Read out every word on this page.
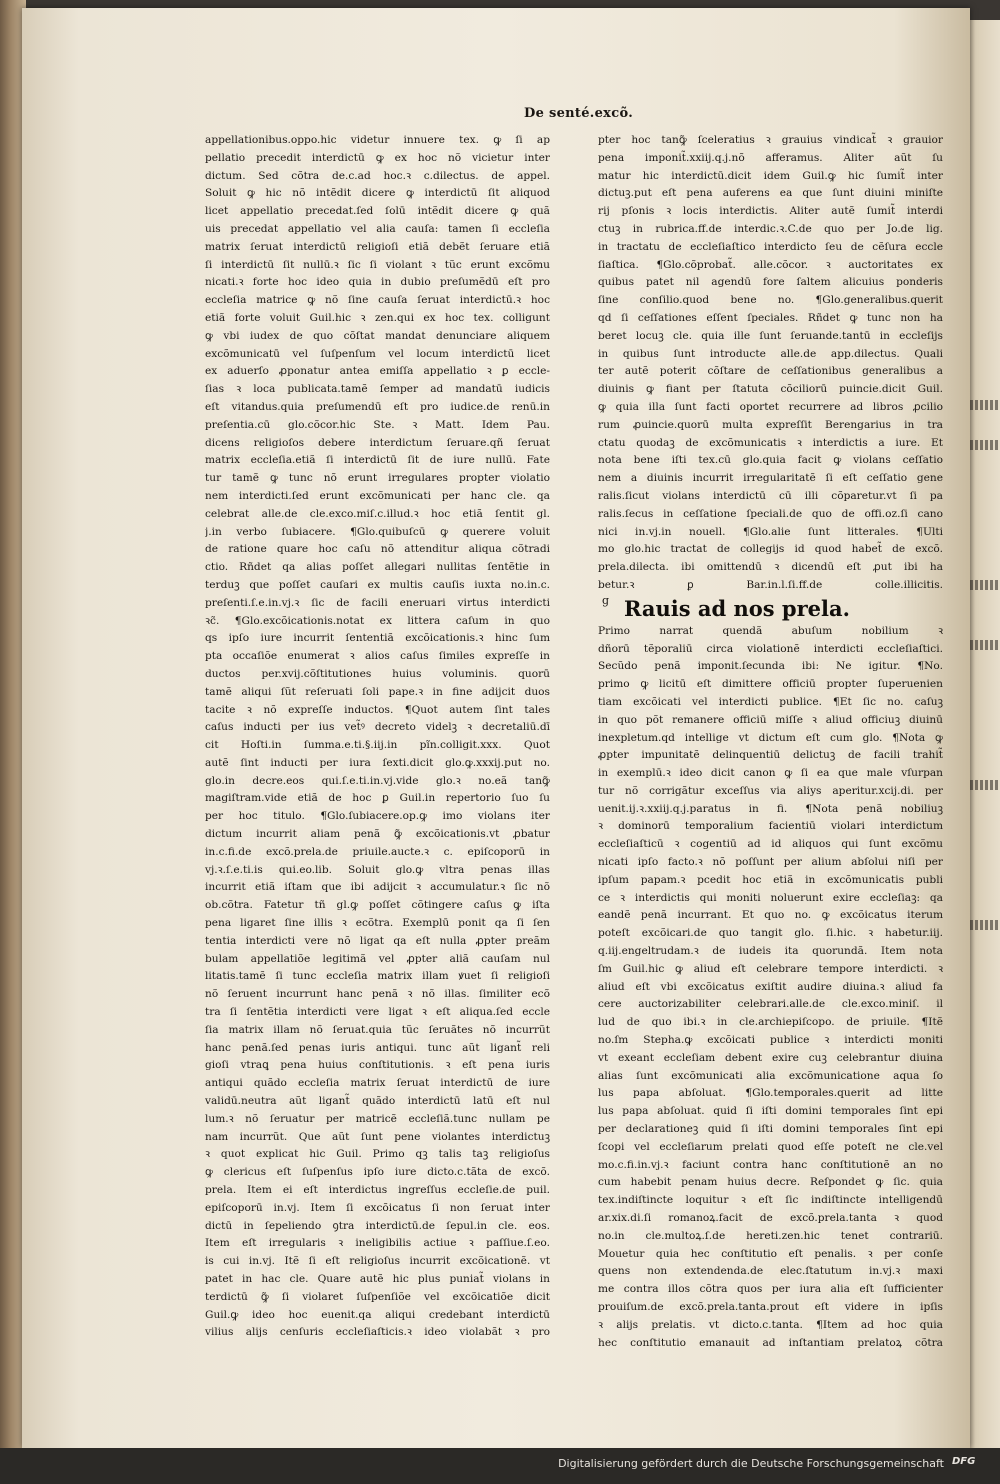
De senté.excõ.
appellationibus.oppo.hic videtur innuere tex. ꝙ ſi ap
pellatio precedit interdictū ꝙ ex hoc nõ vicietur inter
dictum. Sed cõtra de.c.ad hoc.ꝛ c.dilectus. de appel.
Soluit ꝙ hic nõ intẽdit dicere ꝙ interdictū ſit aliquod
licet appellatio precedat.ſed ſolū intẽdit dicere ꝙ quã
uis precedat appellatio vel alia cauſa: tamen ſi eccleſia
matrix ſeruat interdictū religioſi etiã debẽt ſeruare etiã
ſi interdictū ſit nullū.ꝛ ſic ſi violant ꝛ tũc erunt excõmu
nicati.ꝛ forte hoc ideo quia in dubio preſumẽdū eſt pro
eccleſia matrice ꝙ nõ ſine cauſa ſeruat interdictū.ꝛ hoc
etiã forte voluit Guil.hic ꝛ zen.qui ex hoc tex. colligunt
ꝙ vbi iudex de quo cõſtat mandat denunciare aliquem
excõmunicatū vel ſuſpenſum vel locum interdictū licet
ex aduerſo ꝓponatur antea emiſſa appellatio ꝛ ꝑ eccle-
ſias ꝛ loca publicata.tamẽ ſemper ad mandatū iudicis
eſt vitandus.quia preſumendū eſt pro iudice.de renū.in
preſentia.cū glo.cõcor.hic Ste. ꝛ Matt. Idem Pau.
dicens religioſos debere interdictum ſeruare.qñ ſeruat
matrix eccleſia.etiã ſi interdictū ſit de iure nullū. Fate
tur tamẽ ꝙ tunc nõ erunt irregulares propter violatio
nem interdicti.ſed erunt excõmunicati per hanc cle. qa
celebrat alle.de cle.exco.miſ.c.illud.ꝛ hoc etiã ſentit gl.
j.in verbo ſubiacere. ¶Glo.quibuſcū ꝙ querere voluit
de ratione quare hoc caſu nõ attenditur aliqua cõtradi
ctio. Rñdet qa alias poſſet allegari nullitas ſentẽtie in
terduꝫ que poſſet cauſari ex multis cauſis iuxta no.in.c.
preſenti.ſ.e.in.vj.ꝛ ſic de facili eneruari virtus interdicti
ꝛc̃. ¶Glo.excõicationis.notat ex littera caſum in quo
qs ipſo iure incurrit ſententiã excõicationis.ꝛ hinc ſum
pta occaſiõe enumerat ꝛ alios caſus ſimiles expreſſe in
ductos per.xvij.cõſtitutiones huius voluminis. quorū
tamẽ aliqui ſũt reſeruati ſoli pape.ꝛ in fine adijcit duos
tacite ꝛ nõ expreſſe inductos. ¶Quot autem ſint tales
caſus inducti per ius vet̃ꝰ decreto videlꝫ ꝛ decretaliū.dī
cit Hoſti.in ſumma.e.ti.§.iij.in pĩn.colligit.xxx. Quot
autẽ ſint inducti per iura ſexti.dicit glo.ꝙ.xxxij.put no.
glo.in decre.eos qui.ſ.e.ti.in.vj.vide glo.ꝛ no.eã tanꝙ̃
magiſtram.vide etiã de hoc ꝑ Guil.in repertorio ſuo ſu
per hoc titulo. ¶Glo.ſubiacere.op.ꝙ imo violans iter
dictum incurrit aliam penã ꝙ̃ excõicationis.vt ꝓbatur
in.c.fi.de excõ.prela.de priuile.aucte.ꝛ c. epiſcoporū in
vj.ꝛ.ſ.e.ti.is qui.eo.lib. Soluit glo.ꝙ vltra penas illas
incurrit etiã iſtam que ibi adijcit ꝛ accumulatur.ꝛ ſic nõ
ob.cõtra. Fatetur tñ gl.ꝙ poſſet cõtingere caſus ꝙ iſta
pena ligaret ſine illis ꝛ ecõtra. Exemplū ponit qa ſi ſen
tentia interdicti vere nõ ligat qa eſt nulla ꝓpter preãm
bulam appellatiõe legitimã vel ꝓpter aliã cauſam nul
litatis.tamẽ ſi tunc eccleſia matrix illam ꝟuet ſi religioſi
nõ ſeruent incurrunt hanc penã ꝛ nõ illas. ſimiliter ecõ
tra ſi ſentẽtia interdicti vere ligat ꝛ eſt aliqua.ſed eccle
ſia matrix illam nõ ſeruat.quia tũc ſeruãtes nõ incurrũt
hanc penã.ſed penas iuris antiqui. tunc aũt ligant̃ reli
gioſi vtraꝗ pena huius conſtitutionis. ꝛ eſt pena iuris
antiqui quãdo eccleſia matrix ſeruat interdictū de iure
validū.neutra aũt ligant̃ quãdo interdictū latū eſt nul
lum.ꝛ nõ ſeruatur per matricẽ eccleſiã.tunc nullam pe
nam incurrũt. Que aũt ſunt pene violantes interdictuꝫ
ꝛ quot explicat hic Guil. Primo qꝫ talis taꝫ religioſus
ꝙ clericus eſt ſuſpenſus ipſo iure dicto.c.tãta de excõ.
prela. Item ei eſt interdictus ingreſſus eccleſie.de puil.
epiſcoporū in.vj. Item ſi excõicatus ſi non ſeruat inter
dictū in ſepeliendo ꝯtra interdictū.de ſepul.in cle. eos.
Item eſt irregularis ꝛ ineligibilis actiue ꝛ paſſiue.ſ.eo.
is cui in.vj. Itẽ ſi eſt religioſus incurrit excõicationẽ. vt
patet in hac cle. Quare autẽ hic plus puniat̃ violans in
terdictū ꝙ̃ ſi violaret ſuſpenſiõe vel excõicatiõe dicit
Guil.ꝙ ideo hoc euenit.qa aliqui credebant interdictū
vilius alijs cenſuris eccleſiaſticis.ꝛ ideo violabãt ꝛ pro
pter hoc tanꝙ̃ ſceleratius ꝛ grauius vindicat̃ ꝛ grauior
pena imponit̃.xxiij.q.j.nõ afferamus. Aliter aũt ſu
matur hic interdictū.dicit idem Guil.ꝙ hic ſumit̃ inter
dictuꝫ.put eſt pena auferens ea que ſunt diuini miniſte
rij pſonis ꝛ locis interdictis. Aliter autẽ ſumit̃ interdi
ctuꝫ in rubrica.ff.de interdic.ꝛ.C.de quo per Jo.de lig.
in tractatu de eccleſiaſtico interdicto ſeu de cẽſura eccle
ſiaſtica. ¶Glo.cõprobat̃. alle.cõcor. ꝛ auctoritates ex
quibus patet nil agendū fore ſaltem alicuius ponderis
ſine conſilio.quod bene no. ¶Glo.generalibus.querit
qd ſi ceſſationes eſſent ſpeciales. Rñdet ꝙ tunc non ha
beret locuꝫ cle. quia ille ſunt ſeruande.tantū in eccleſijs
in quibus ſunt introducte alle.de app.dilectus. Quali
ter autẽ poterit cõſtare de ceſſationibus generalibus a
diuinis ꝙ fiant per ſtatuta cõciliorū puincie.dicit Guil.
ꝙ quia illa ſunt facti oportet recurrere ad libros ꝓcilio
rum ꝓuincie.quorū multa expreſſit Berengarius in tra
ctatu quodaꝫ de excõmunicatis ꝛ interdictis a iure. Et
nota bene iſti tex.cū glo.quia facit ꝙ violans ceſſatio
nem a diuinis incurrit irregularitatẽ ſi eſt ceſſatio gene
ralis.ſicut violans interdictū cū illi cõparetur.vt ſi pa
ralis.ſecus in ceſſatione ſpeciali.de quo de offi.oz.ſi cano
nici in.vj.in nouell. ¶Glo.alie ſunt litterales. ¶Ulti
mo glo.hic tractat de collegijs id quod habet̃ de excõ.
prela.dilecta. ibi omittendū ꝛ dicendū eſt ꝓut ibi ha
betur.ꝛ ꝑ Bar.in.l.ſi.ff.de colle.illicitis.
Rauis ad nos prela.
Primo narrat quendã abuſum nobilium ꝛ
dñorū tẽporaliū circa violationẽ interdicti eccleſiaſtici.
Secũdo penã imponit.ſecunda ibi: Ne igitur. ¶No.
primo ꝙ licitū eſt dimittere officiū propter ſuperuenien
tiam excõicati vel interdicti publice. ¶Et ſic no. caſuꝫ
in quo põt remanere officiū miſſe ꝛ aliud officiuꝫ diuinū
inexpletum.qd intellige vt dictum eſt cum glo. ¶Nota ꝙ
ꝓpter impunitatẽ delinquentiū delictuꝫ de facili trahit̃
in exemplū.ꝛ ideo dicit canon ꝙ ſi ea que male vſurpan
tur nõ corrigãtur exceſſus via aliys aperitur.xcij.di. per
uenit.ij.ꝛ.xxiij.q.j.paratus in fi. ¶Nota penã nobiliuꝫ
ꝛ dominorū temporalium facientiū violari interdictum
eccleſiaſticū ꝛ cogentiū ad id aliquos qui ſunt excõmu
nicati ipſo facto.ꝛ nõ poſſunt per alium abſolui niſi per
ipſum papam.ꝛ pcedit hoc etiã in excõmunicatis publi
ce ꝛ interdictis qui moniti noluerunt exire eccleſiaꝫ: qa
eandẽ penã incurrant. Et quo no. ꝙ excõicatus iterum
poteſt excõicari.de quo tangit glo. ſi.hic. ꝛ habetur.iij.
q.iij.engeltrudam.ꝛ de iudeis ita quorundã. Item nota
ſm Guil.hic ꝙ aliud eſt celebrare tempore interdicti. ꝛ
aliud eſt vbi excõicatus exiſtit audire diuina.ꝛ aliud fa
cere auctorizabiliter celebrari.alle.de cle.exco.miniſ. il
lud de quo ibi.ꝛ in cle.archiepiſcopo. de priuile. ¶Itẽ
no.ſm Stepha.ꝙ excõicati publice ꝛ interdicti moniti
vt exeant eccleſiam debent exire cuꝫ celebrantur diuina
alias ſunt excõmunicati alia excõmunicatione aqua ſo
lus papa abſoluat. ¶Glo.temporales.querit ad litte
lus papa abſoluat. quid ſi iſti domini temporales ſint epi
per declarationeꝫ quid ſi iſti domini temporales ſint epi
ſcopi vel eccleſiarum prelati quod eſſe poteſt ne cle.vel
mo.c.fi.in.vj.ꝛ faciunt contra hanc conſtitutionẽ an no
cum habebit penam huius decre. Reſpondet ꝙ ſic. quia
tex.indiſtincte loquitur ꝛ eſt ſic indiſtincte intelligendū
ar.xix.di.ſi romanoꝝ.facit de excõ.prela.tanta ꝛ quod
no.in cle.multoꝝ.ſ.de hereti.zen.hic tenet contrariū.
Mouetur quia hec conſtitutio eſt penalis. ꝛ per conſe
quens non extendenda.de elec.ſtatutum in.vj.ꝛ maxi
me contra illos cõtra quos per iura alia eſt ſufficienter
prouiſum.de excõ.prela.tanta.prout eſt videre in ipſis
ꝛ alijs prelatis. vt dicto.c.tanta. ¶Item ad hoc quia
hec conſtitutio emanauit ad inſtantiam prelatoꝝ cõtra
g
Digitalisierung gefördert durch die Deutsche Forschungsgemeinschaft DFG
